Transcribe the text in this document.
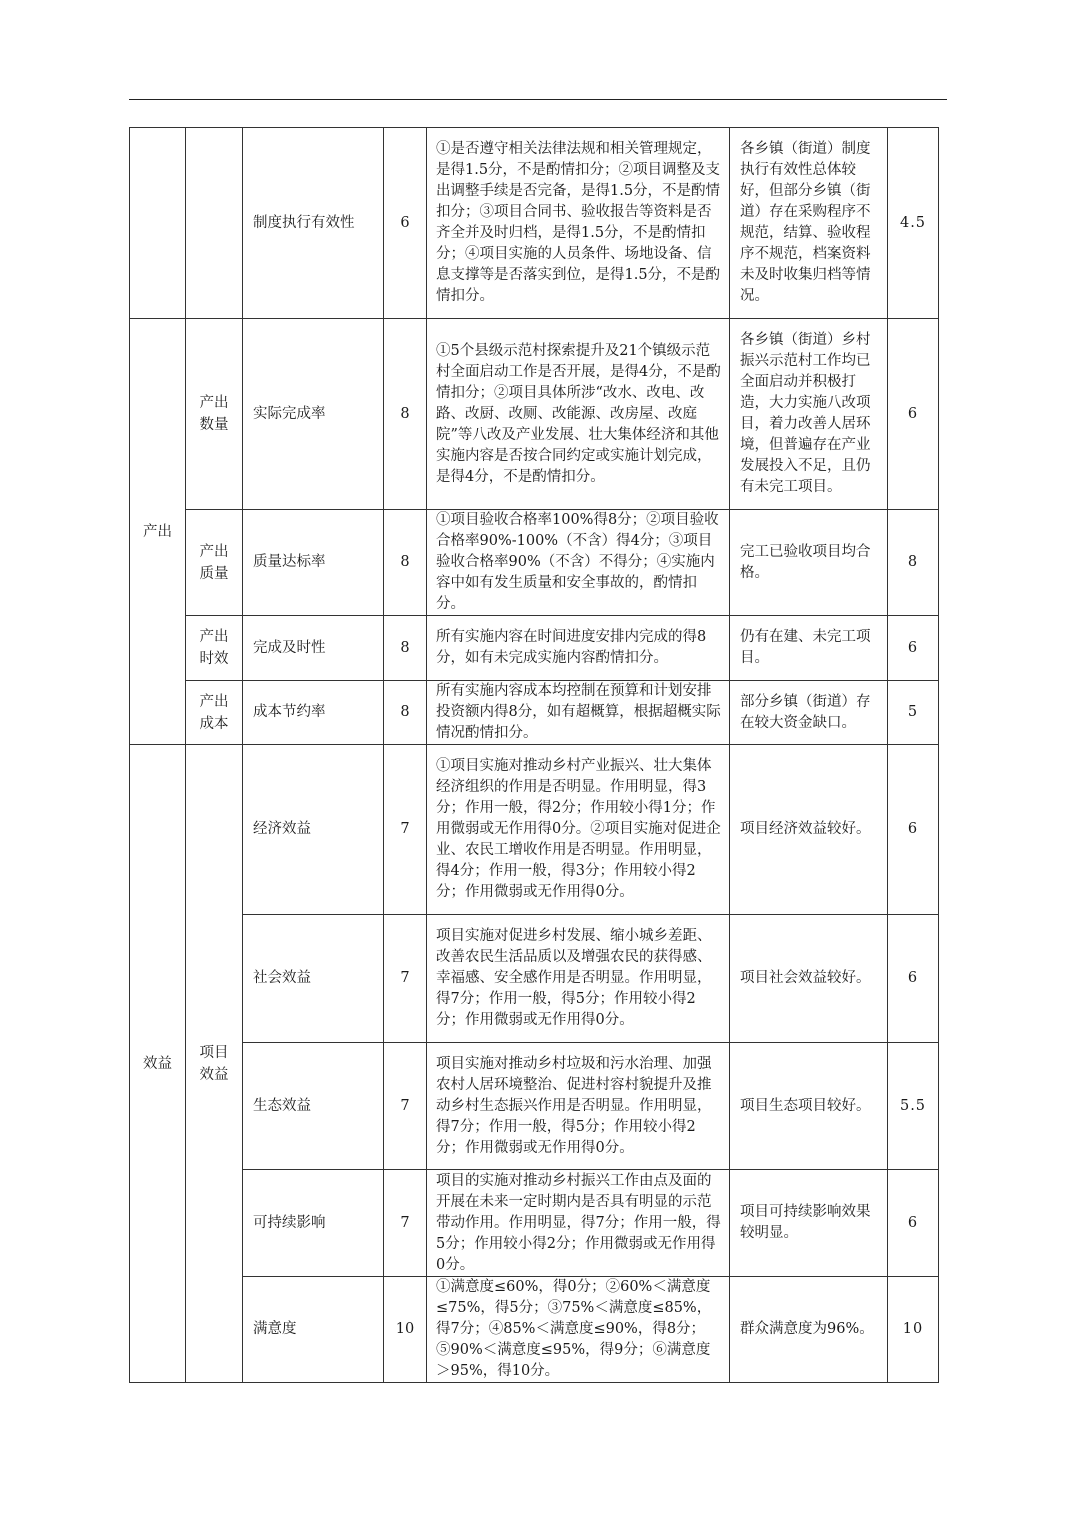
		制度执行有效性	6	①是否遵守相关法律法规和相关管理规定，是得1.5分，不是酌情扣分；②项目调整及支出调整手续是否完备，是得1.5分，不是酌情扣分；③项目合同书、验收报告等资料是否齐全并及时归档，是得1.5分，不是酌情扣分；④项目实施的人员条件、场地设备、信息支撑等是否落实到位，是得1.5分，不是酌情扣分。	各乡镇（街道）制度执行有效性总体较好，但部分乡镇（街道）存在采购程序不规范，结算、验收程序不规范，档案资料未及时收集归档等情况。	4.5
产出	产出数量	实际完成率	8	①5个县级示范村探索提升及21个镇级示范村全面启动工作是否开展，是得4分，不是酌情扣分；②项目具体所涉“改水、改电、改路、改厨、改厕、改能源、改房屋、改庭院”等八改及产业发展、壮大集体经济和其他实施内容是否按合同约定或实施计划完成，是得4分，不是酌情扣分。	各乡镇（街道）乡村振兴示范村工作均已全面启动并积极打造，大力实施八改项目，着力改善人居环境，但普遍存在产业发展投入不足，且仍有未完工项目。	6
	产出质量	质量达标率	8	①项目验收合格率100%得8分；②项目验收合格率90%-100%（不含）得4分；③项目验收合格率90%（不含）不得分；④实施内容中如有发生质量和安全事故的，酌情扣分。	完工已验收项目均合格。	8
	产出时效	完成及时性	8	所有实施内容在时间进度安排内完成的得8分，如有未完成实施内容酌情扣分。	仍有在建、未完工项目。	6
	产出成本	成本节约率	8	所有实施内容成本均控制在预算和计划安排投资额内得8分，如有超概算，根据超概实际情况酌情扣分。	部分乡镇（街道）存在较大资金缺口。	5
效益	项目效益	经济效益	7	①项目实施对推动乡村产业振兴、壮大集体经济组织的作用是否明显。作用明显，得3分；作用一般，得2分；作用较小得1分；作用微弱或无作用得0分。②项目实施对促进企业、农民工增收作用是否明显。作用明显，得4分；作用一般，得3分；作用较小得2分；作用微弱或无作用得0分。	项目经济效益较好。	6
		社会效益	7	项目实施对促进乡村发展、缩小城乡差距、改善农民生活品质以及增强农民的获得感、幸福感、安全感作用是否明显。作用明显，得7分；作用一般，得5分；作用较小得2分；作用微弱或无作用得0分。	项目社会效益较好。	6
		生态效益	7	项目实施对推动乡村垃圾和污水治理、加强农村人居环境整治、促进村容村貌提升及推动乡村生态振兴作用是否明显。作用明显，得7分；作用一般，得5分；作用较小得2分；作用微弱或无作用得0分。	项目生态项目较好。	5.5
		可持续影响	7	项目的实施对推动乡村振兴工作由点及面的开展在未来一定时期内是否具有明显的示范带动作用。作用明显，得7分；作用一般，得5分；作用较小得2分；作用微弱或无作用得0分。	项目可持续影响效果较明显。	6
		满意度	10	①满意度≤60%，得0分；②60%＜满意度≤75%，得5分；③75%＜满意度≤85%，得7分；④85%＜满意度≤90%，得8分；⑤90%＜满意度≤95%，得9分；⑥满意度＞95%，得10分。	群众满意度为96%。	10
